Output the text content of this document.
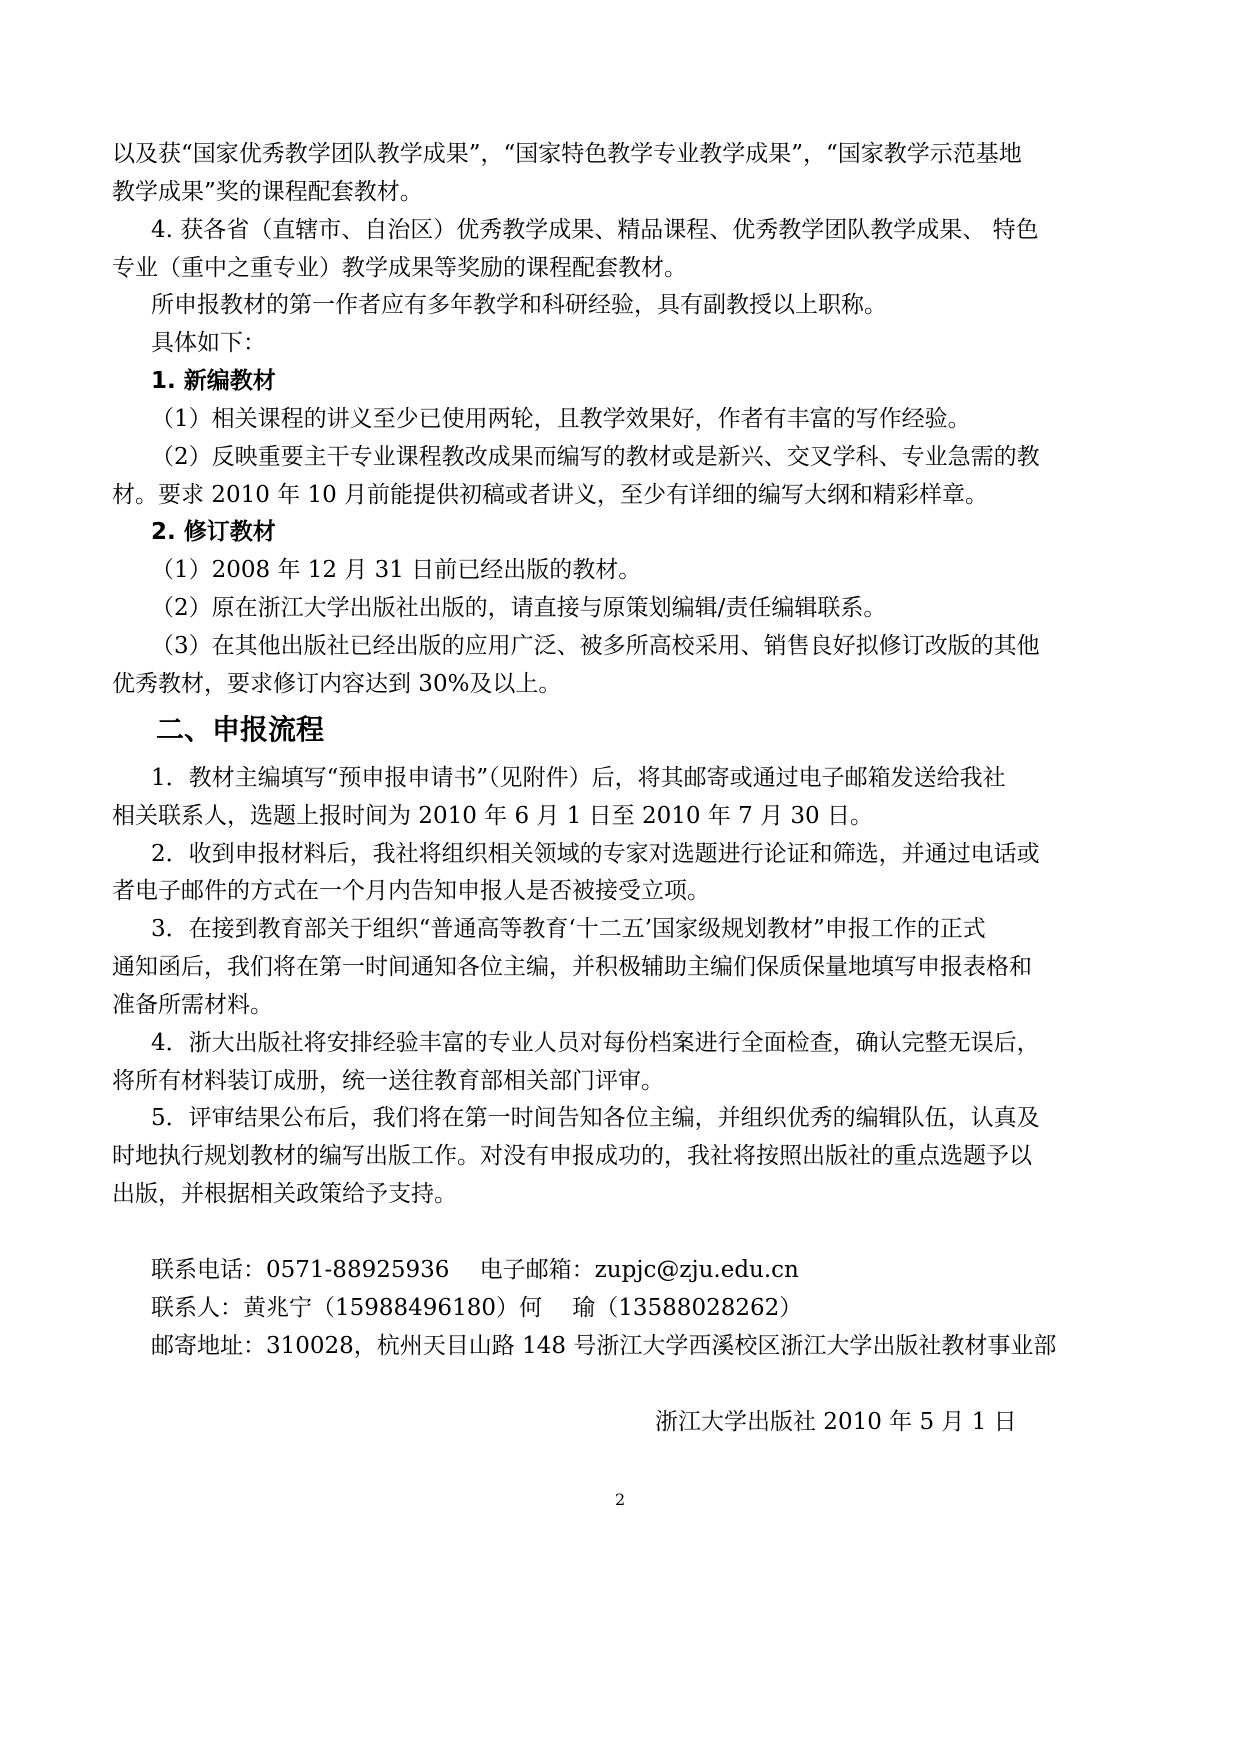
以及获“国家优秀教学团队教学成果”，“国家特色教学专业教学成果”，“国家教学示范基地
教学成果”奖的课程配套教材。
4. 获各省（直辖市、自治区）优秀教学成果、精品课程、优秀教学团队教学成果、 特色
专业（重中之重专业）教学成果等奖励的课程配套教材。
所申报教材的第一作者应有多年教学和科研经验，具有副教授以上职称。
具体如下：
1. 新编教材
（1）相关课程的讲义至少已使用两轮，且教学效果好，作者有丰富的写作经验。
（2）反映重要主干专业课程教改成果而编写的教材或是新兴、交叉学科、专业急需的教
材。要求 2010 年 10 月前能提供初稿或者讲义，至少有详细的编写大纲和精彩样章。
2. 修订教材
（1）2008 年 12 月 31 日前已经出版的教材。
（2）原在浙江大学出版社出版的，请直接与原策划编辑/责任编辑联系。
（3）在其他出版社已经出版的应用广泛、被多所高校采用、销售良好拟修订改版的其他
优秀教材，要求修订内容达到 30%及以上。
二、申报流程
1．教材主编填写“预申报申请书”（见附件）后，将其邮寄或通过电子邮箱发送给我社
相关联系人，选题上报时间为 2010 年 6 月 1 日至 2010 年 7 月 30 日。
2．收到申报材料后，我社将组织相关领域的专家对选题进行论证和筛选，并通过电话或
者电子邮件的方式在一个月内告知申报人是否被接受立项。
3．在接到教育部关于组织“普通高等教育‘十二五’国家级规划教材”申报工作的正式
通知函后，我们将在第一时间通知各位主编，并积极辅助主编们保质保量地填写申报表格和
准备所需材料。
4．浙大出版社将安排经验丰富的专业人员对每份档案进行全面检查，确认完整无误后，
将所有材料装订成册，统一送往教育部相关部门评审。
5．评审结果公布后，我们将在第一时间告知各位主编，并组织优秀的编辑队伍，认真及
时地执行规划教材的编写出版工作。对没有申报成功的，我社将按照出版社的重点选题予以
出版，并根据相关政策给予支持。
联系电话：0571-88925936　 电子邮箱：zupjc@zju.edu.cn
联系人：黄兆宁（15988496180）何　 瑜（13588028262）
邮寄地址：310028，杭州天目山路 148 号浙江大学西溪校区浙江大学出版社教材事业部
浙江大学出版社 2010 年 5 月 1 日
2
